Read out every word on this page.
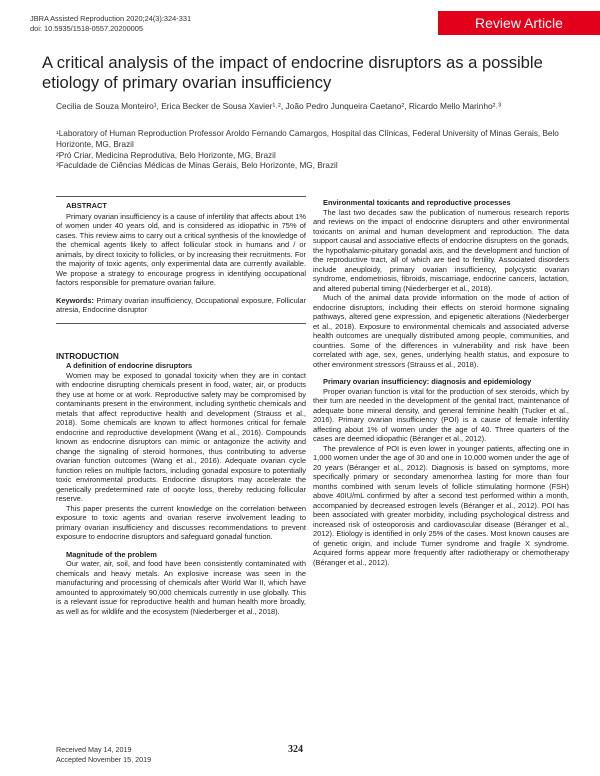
JBRA Assisted Reproduction 2020;24(3):324-331
doi: 10.5935/1518-0557.20200005	Review Article
A critical analysis of the impact of endocrine disruptors as a possible etiology of primary ovarian insufficiency
Cecilia de Souza Monteiro¹, Erica Becker de Sousa Xavier¹˒², João Pedro Junqueira Caetano², Ricardo Mello Marinho²˒³
¹Laboratory of Human Reproduction Professor Aroldo Fernando Camargos, Hospital das Clínicas, Federal University of Minas Gerais, Belo Horizonte, MG, Brazil
²Pró Criar, Medicina Reprodutiva, Belo Horizonte, MG, Brazil
³Faculdade de Ciências Médicas de Minas Gerais, Belo Horizonte, MG, Brazil
ABSTRACT

Primary ovarian insufficiency is a cause of infertility that affects about 1% of women under 40 years old, and is considered as idiopathic in 75% of cases. This review aims to carry out a critical synthesis of the knowledge of the chemical agents likely to affect follicular stock in humans and / or animals, by direct toxicity to follicles, or by increasing their recruitments. For the majority of toxic agents, only experimental data are currently available. We propose a strategy to encourage progress in identifying occupational factors responsible for premature ovarian failure.

Keywords: Primary ovarian insufficiency, Occupational exposure, Follicular atresia, Endocrine disruptor

INTRODUCTION
A definition of endocrine disruptors

Women may be exposed to gonadal toxicity when they are in contact with endocrine disrupting chemicals present in food, water, air, or products they use at home or at work. Reproductive safety may be compromised by contaminants present in the environment, including synthetic chemicals and metals that affect reproductive health and development (Strauss et al., 2018). Some chemicals are known to affect hormones critical for female endocrine and reproductive development (Wang et al., 2016). Compounds known as endocrine disruptors can mimic or antagonize the activity and change the signaling of steroid hormones, thus contributing to adverse ovarian function outcomes (Wang et al., 2016). Adequate ovarian cycle function relies on multiple factors, including gonadal exposure to potentially toxic environmental products. Endocrine disruptors may accelerate the genetically predetermined rate of oocyte loss, thereby reducing follicular reserve.

This paper presents the current knowledge on the correlation between exposure to toxic agents and ovarian reserve involvement leading to primary ovarian insufficiency and discusses recommendations to prevent exposure to endocrine disruptors and safeguard gonadal function.

Magnitude of the problem

Our water, air, soil, and food have been consistently contaminated with chemicals and heavy metals. An explosive increase was seen in the manufacturing and processing of chemicals after World War II, which have amounted to approximately 90,000 chemicals currently in use globally. This is a relevant issue for reproductive health and human health more broadly, as well as for wildlife and the ecosystem (Niederberger et al., 2018).

Environmental toxicants and reproductive processes

The last two decades saw the publication of numerous research reports and reviews on the impact of endocrine disrupters and other environmental toxicants on animal and human development and reproduction. The data support causal and associative effects of endocrine disrupters on the gonads, the hypothalamic-pituitary gonadal axis, and the development and function of the reproductive tract, all of which are tied to fertility. Associated disorders include aneuploidy, primary ovarian insufficiency, polycystic ovarian syndrome, endometriosis, fibroids, miscarriage, endocrine cancers, lactation, and altered pubertal timing (Niederberger et al., 2018).

Much of the animal data provide information on the mode of action of endocrine disruptors, including their effects on steroid hormone signaling pathways, altered gene expression, and epigenetic alterations (Niederberger et al., 2018). Exposure to environmental chemicals and associated adverse health outcomes are unequally distributed among people, communities, and countries. Some of the differences in vulnerability and risk have been correlated with age, sex, genes, underlying health status, and exposure to other environment stressors (Strauss et al., 2018).

Primary ovarian insufficiency: diagnosis and epidemiology

Proper ovarian function is vital for the production of sex steroids, which by their turn are needed in the development of the genital tract, maintenance of adequate bone mineral density, and general feminine health (Tucker et al., 2016). Primary ovarian insufficiency (POI) is a cause of female infertility affecting about 1% of women under the age of 40. Three quarters of the cases are deemed idiopathic (Béranger et al., 2012).

The prevalence of POI is even lower in younger patients, affecting one in 1,000 women under the age of 30 and one in 10,000 women under the age of 20 years (Béranger et al., 2012). Diagnosis is based on symptoms, more specifically primary or secondary amenorrhea lasting for more than four months combined with serum levels of follicle stimulating hormone (FSH) above 40IU/mL confirmed by after a second test performed within a month, accompanied by decreased estrogen levels (Béranger et al., 2012). POI has been associated with greater morbidity, including psychological distress and increased risk of osteoporosis and cardiovascular disease (Béranger et al., 2012). Etiology is identified in only 25% of the cases. Most known causes are of genetic origin, and include Turner syndrome and fragile X syndrome. Acquired forms appear more frequently after radiotherapy or chemotherapy (Béranger et al., 2012).

Received May 14, 2019
Accepted November 15, 2019
324
